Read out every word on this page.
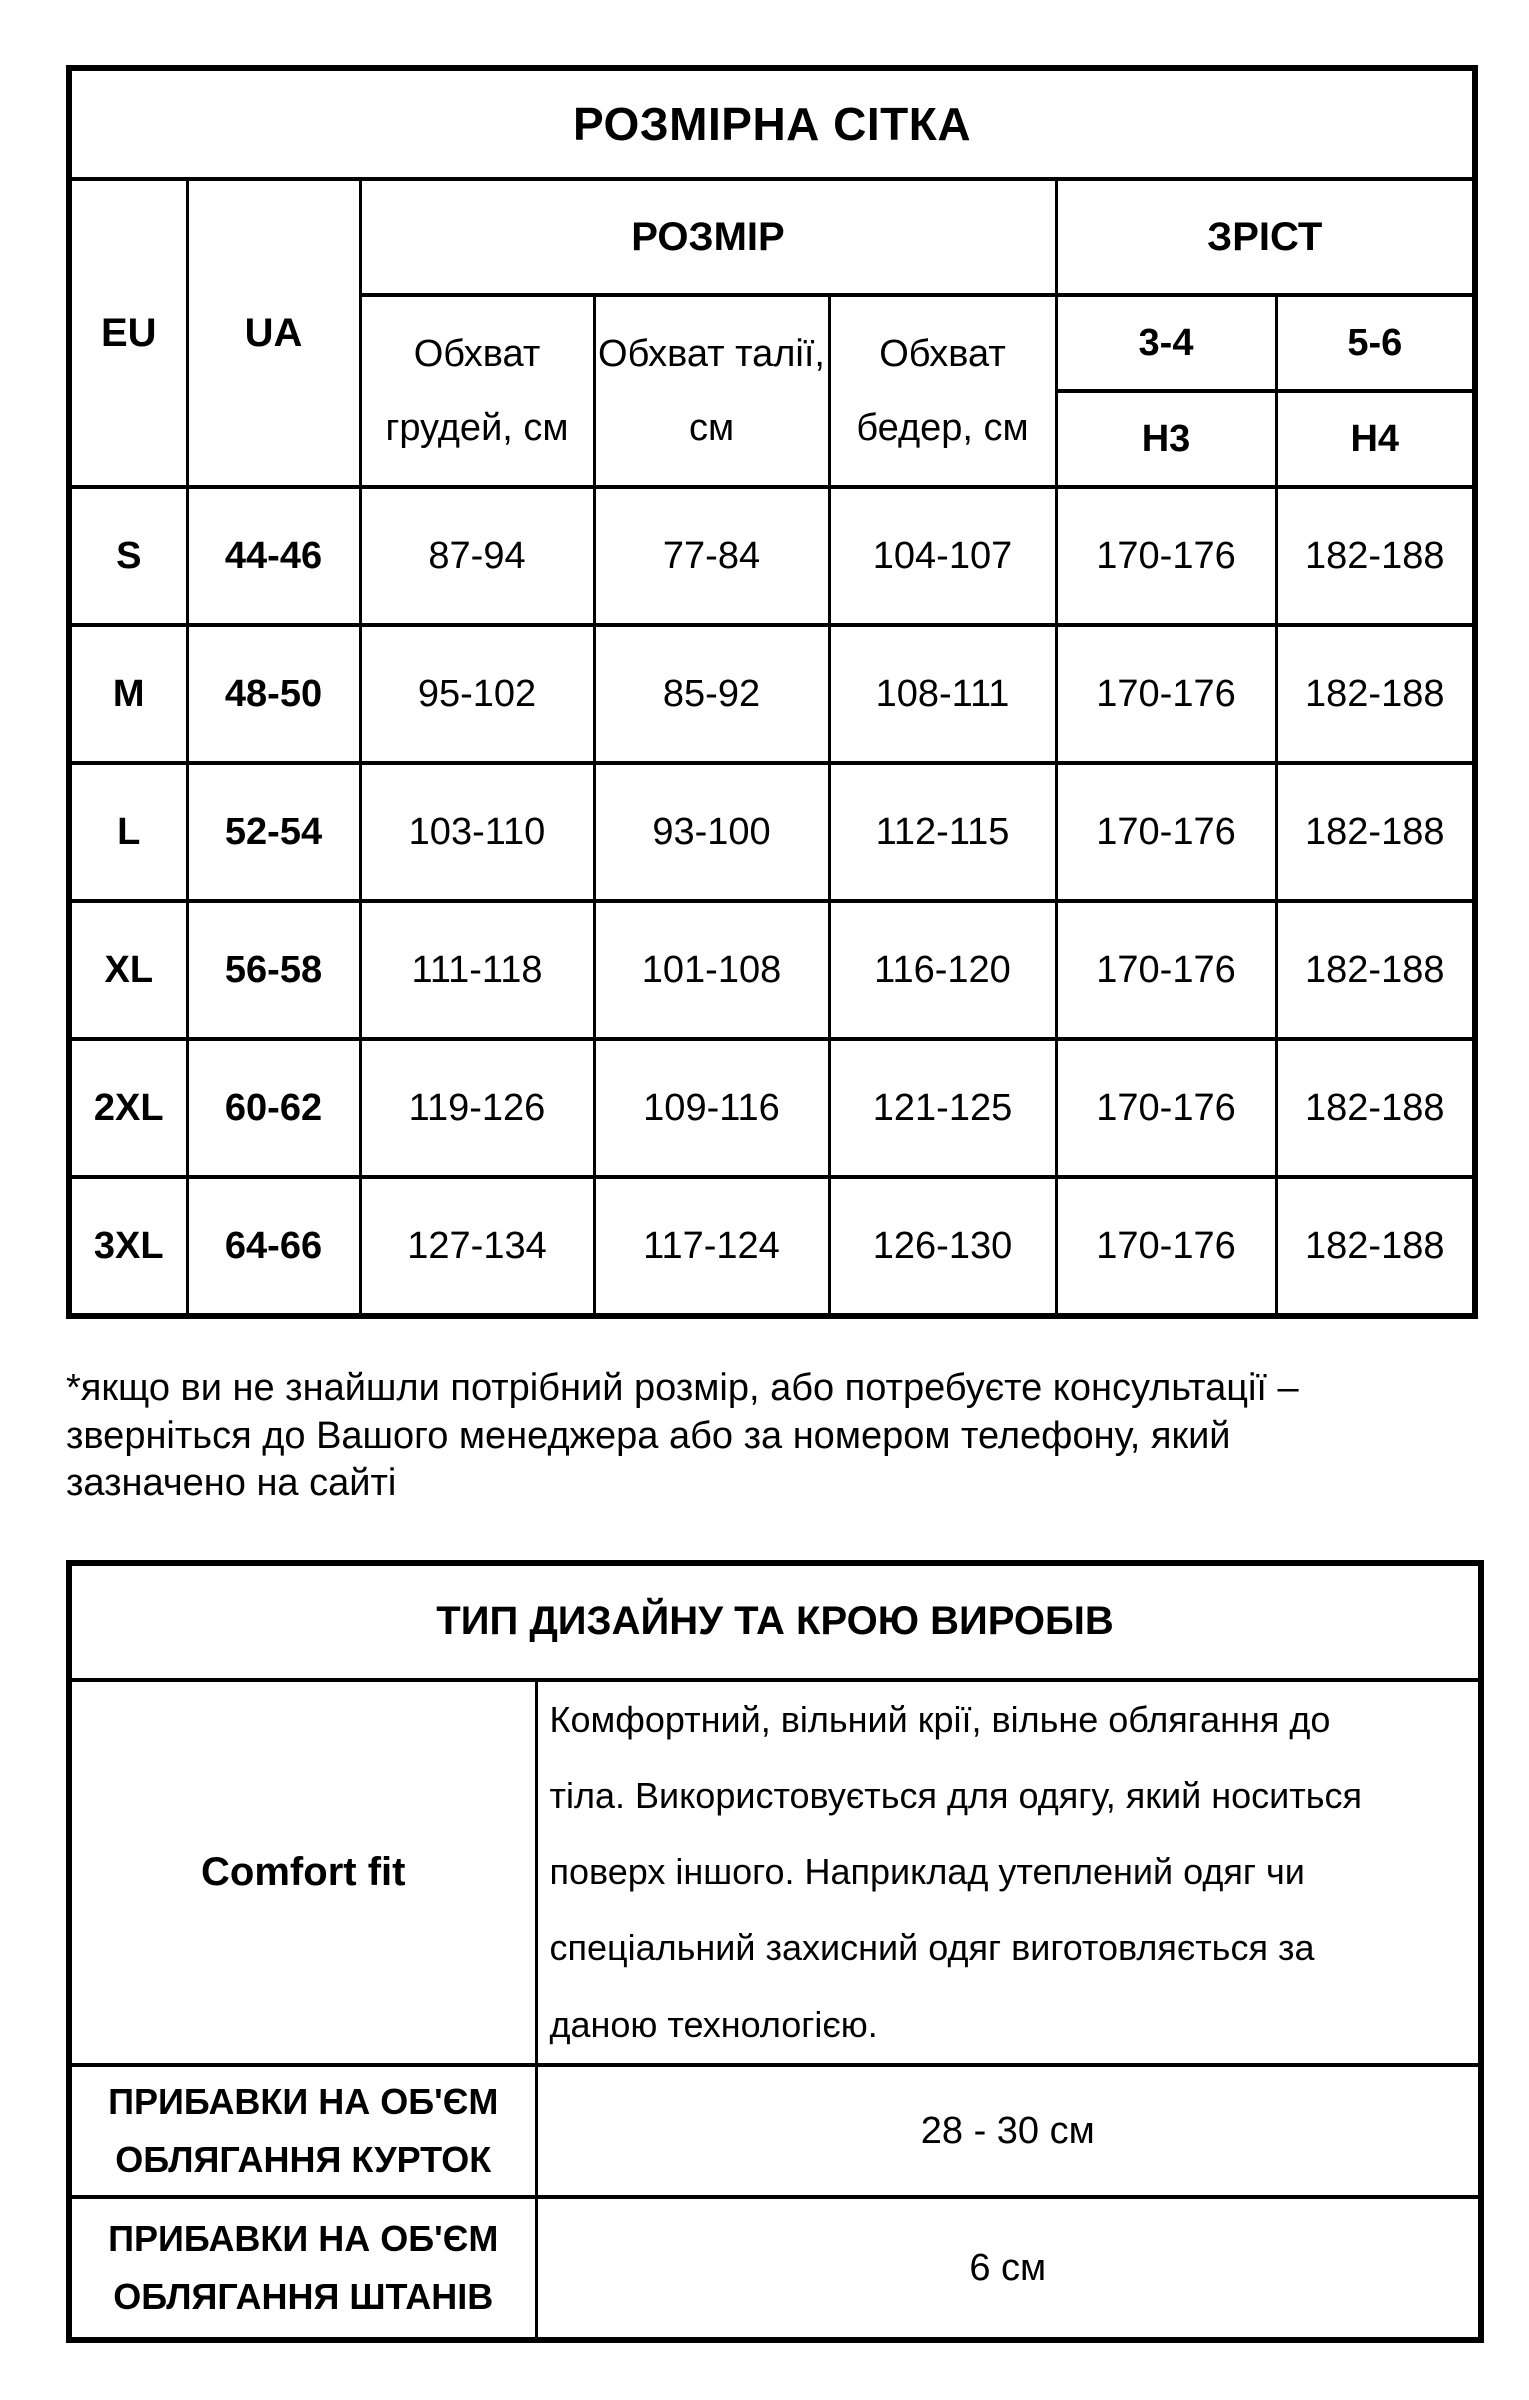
РОЗМІРНА СІТКА						
EU	UA	РОЗМІР			ЗРІСТ	
		Обхват грудей, см	Обхват талії, см	Обхват бедер, см	3-4	5-6
					Н3	Н4
S	44-46	87-94	77-84	104-107	170-176	182-188
M	48-50	95-102	85-92	108-111	170-176	182-188
L	52-54	103-110	93-100	112-115	170-176	182-188
XL	56-58	111-118	101-108	116-120	170-176	182-188
2XL	60-62	119-126	109-116	121-125	170-176	182-188
3XL	64-66	127-134	117-124	126-130	170-176	182-188
*якщо ви не знайшли потрібний розмір, або потребуєте консультації – зверніться до Вашого менеджера або за номером телефону, який зазначено на сайті
ТИП ДИЗАЙНУ ТА КРОЮ ВИРОБІВ	
Comfort fit	Комфортний, вільний крії, вільне облягання до тіла. Використовується для одягу, який носиться поверх іншого. Наприклад утеплений одяг чи спеціальний захисний одяг виготовляється за даною технологією.

ПРИБАВКИ НА ОБ'ЄМ ОБЛЯГАННЯ КУРТОК	28 - 30 см
ПРИБАВКИ НА ОБ'ЄМ ОБЛЯГАННЯ ШТАНІВ	6 см
